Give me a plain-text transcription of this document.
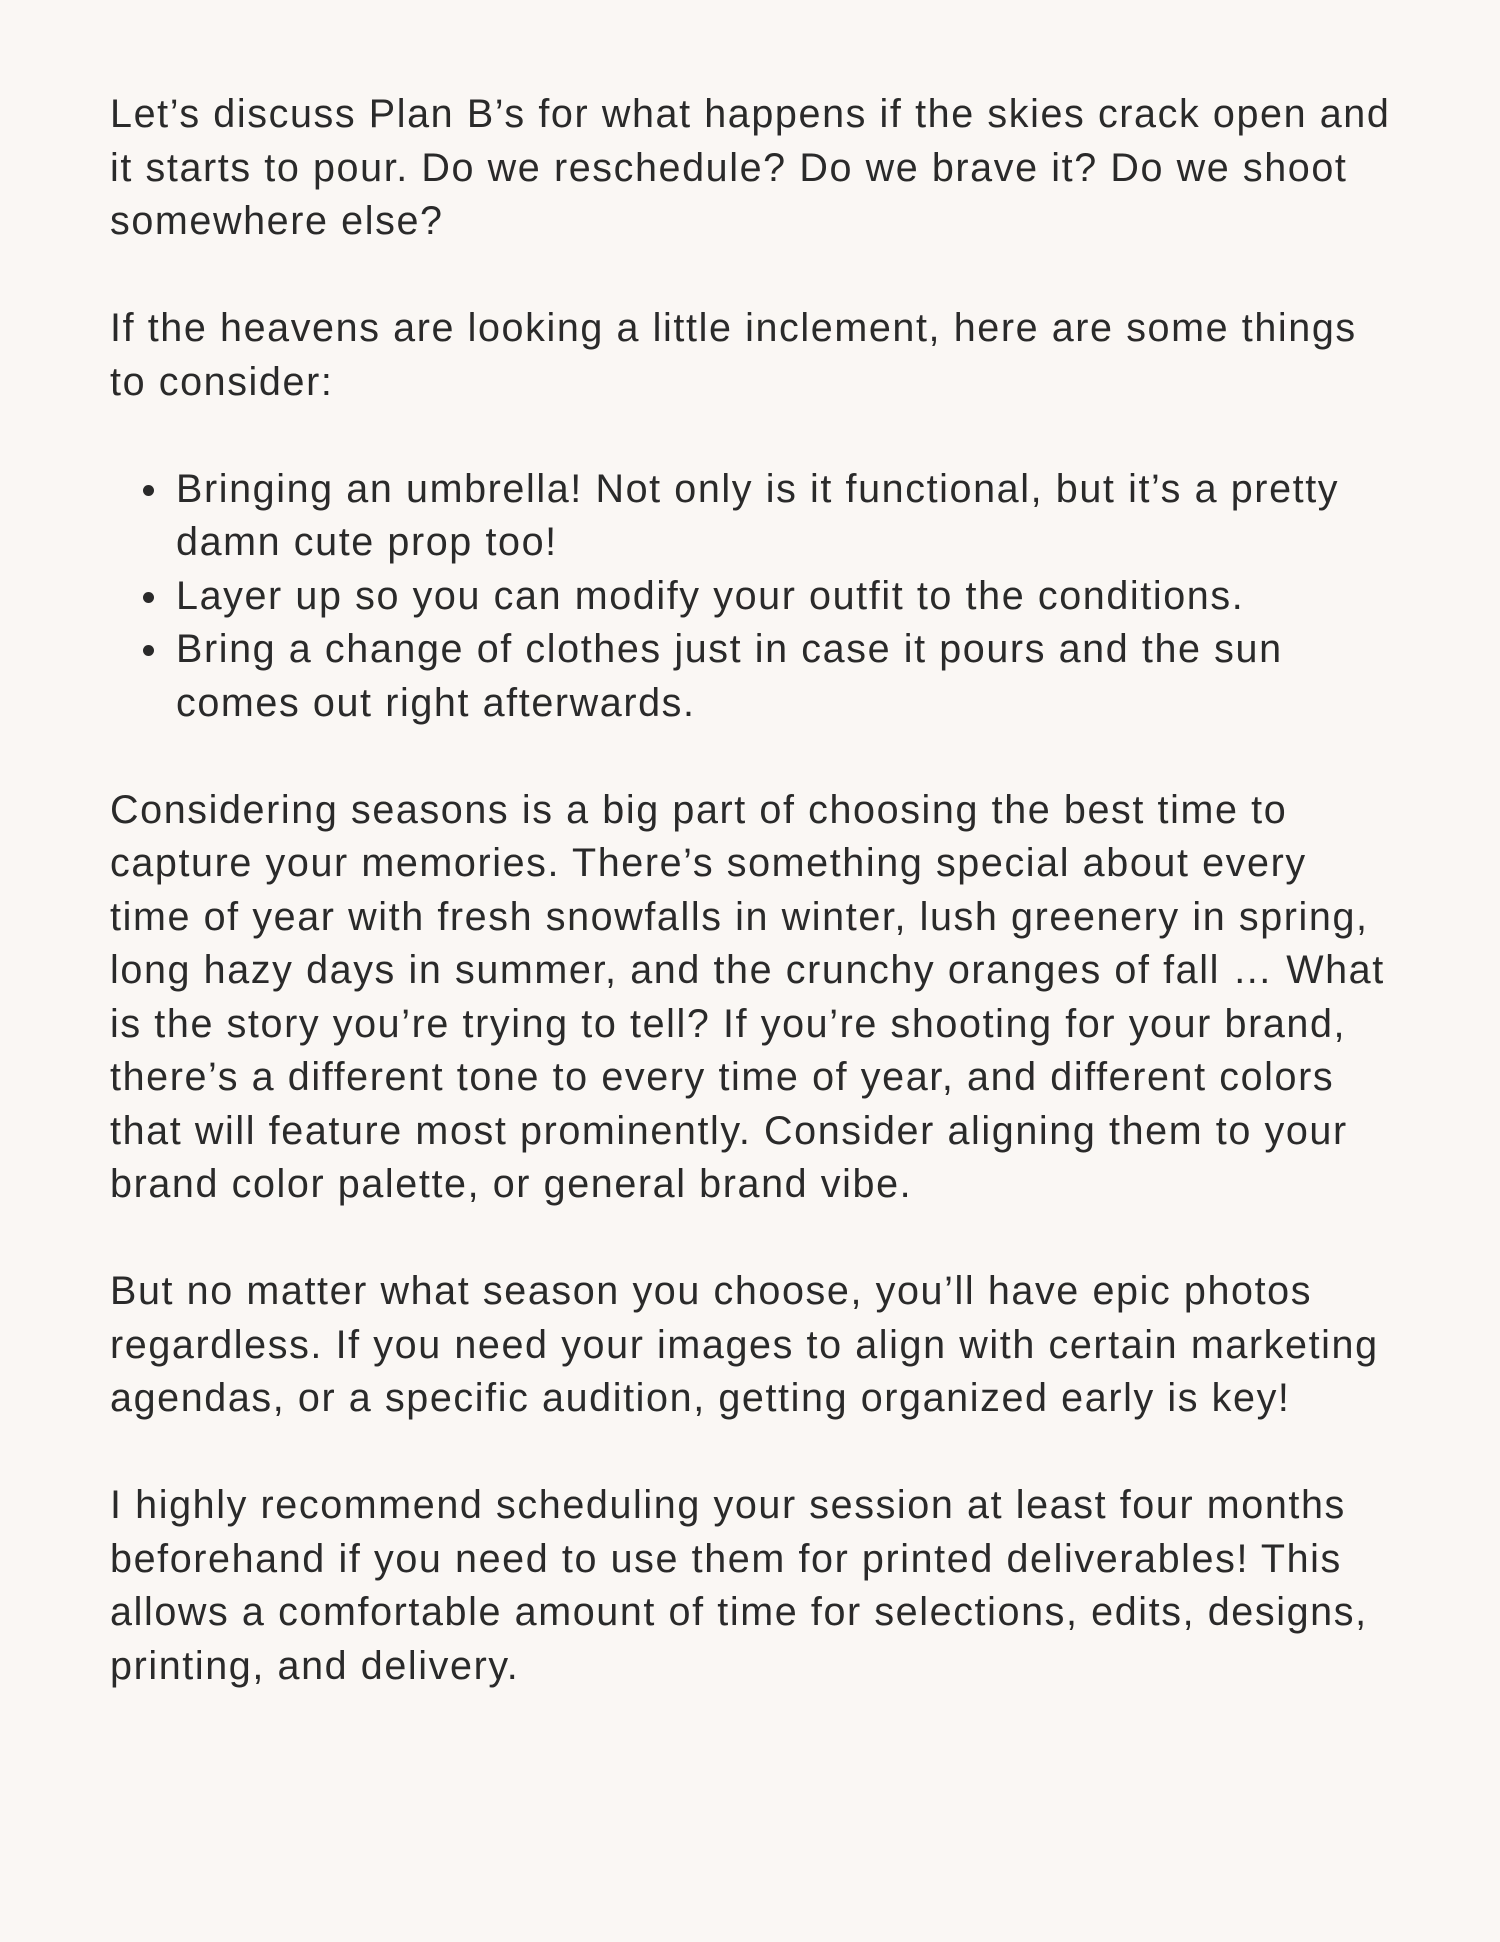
Let’s discuss Plan B’s for what happens if the skies crack open and it starts to pour. Do we reschedule? Do we brave it? Do we shoot somewhere else?

If the heavens are looking a little inclement, here are some things to consider:

Bringing an umbrella! Not only is it functional, but it’s a pretty damn cute prop too!
Layer up so you can modify your outfit to the conditions.
Bring a change of clothes just in case it pours and the sun comes out right afterwards.

Considering seasons is a big part of choosing the best time to capture your memories. There’s something special about every time of year with fresh snowfalls in winter, lush greenery in spring, long hazy days in summer, and the crunchy oranges of fall … What is the story you’re trying to tell? If you’re shooting for your brand, there’s a different tone to every time of year, and different colors that will feature most prominently. Consider aligning them to your brand color palette, or general brand vibe.

But no matter what season you choose, you’ll have epic photos regardless. If you need your images to align with certain marketing agendas, or a specific audition, getting organized early is key!

I highly recommend scheduling your session at least four months beforehand if you need to use them for printed deliverables! This allows a comfortable amount of time for selections, edits, designs, printing, and delivery.
